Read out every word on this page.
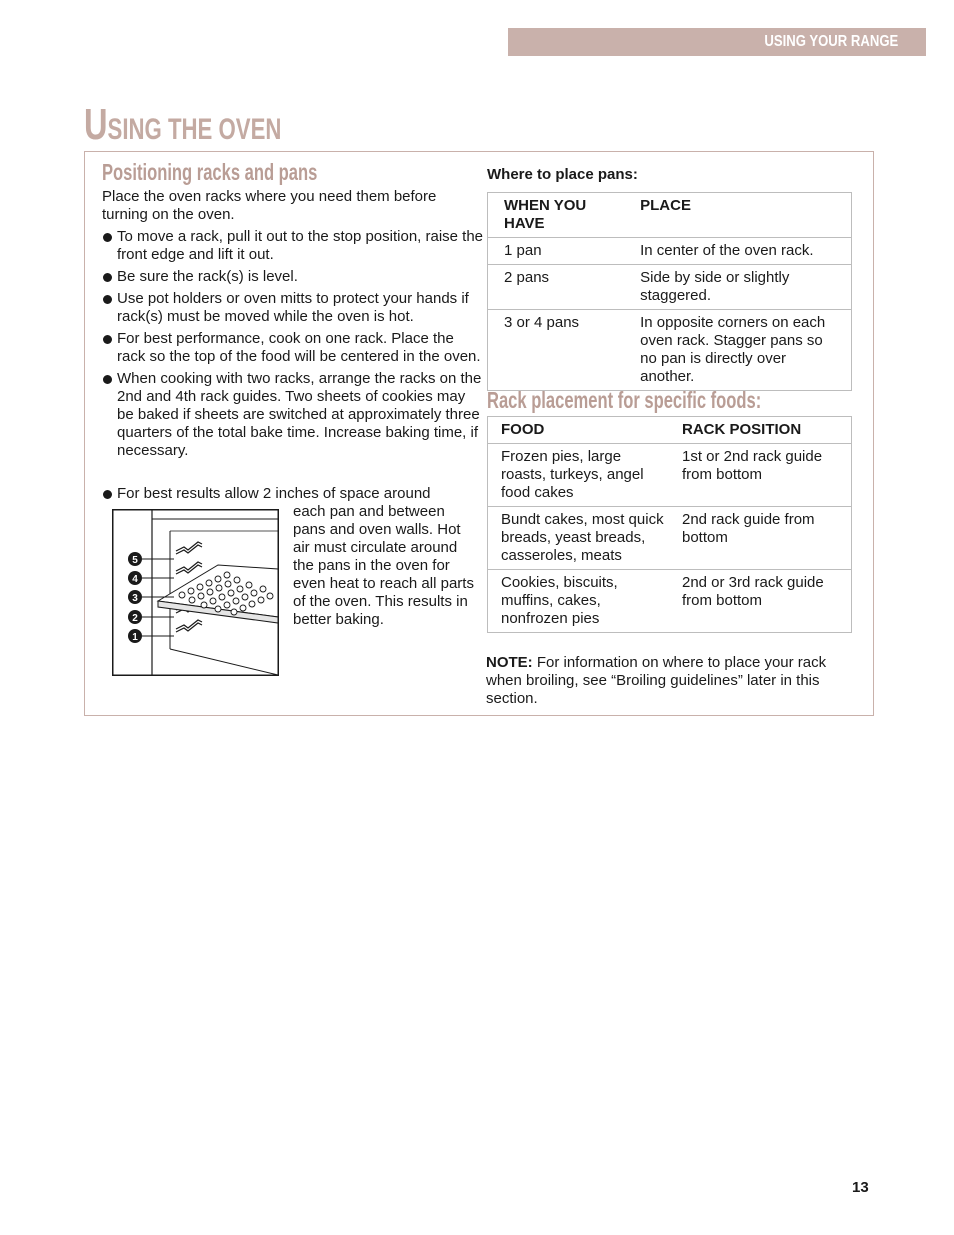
USING YOUR RANGE
USING THE OVEN
Positioning racks and pans

Place the oven racks where you need them before turning on the oven.

To move a rack, pull it out to the stop position, raise the front edge and lift it out.
Be sure the rack(s) is level.
Use pot holders or oven mitts to protect your hands if rack(s) must be moved while the oven is hot.
For best performance, cook on one rack. Place the rack so the top of the food will be centered in the oven.
When cooking with two racks, arrange the racks on the 2nd and 4th rack guides. Two sheets of cookies may be baked if sheets are switched at approximately three quarters of the total bake time. Increase baking time, if necessary.

For best results allow 2 inches of space around

each pan and between pans and oven walls. Hot air must circulate around the pans in the oven for even heat to reach all parts of the oven. This results in better baking.

5
4
3
2
1

Where to place pans:

WHEN YOU HAVE	PLACE

1 pan	In center of the oven rack.

2 pans	Side by side or slightly staggered.

3 or 4 pans	In opposite corners on each oven rack. Stagger pans so no pan is directly over another.
Rack placement for specific foods:
FOOD	RACK POSITION

Frozen pies, large roasts, turkeys, angel food cakes	1st or 2nd rack guide from bottom

Bundt cakes, most quick breads, yeast breads, casseroles, meats	2nd rack guide from bottom

Cookies, biscuits, muffins, cakes, nonfrozen pies	2nd or 3rd rack guide from bottom

NOTE: For information on where to place your rack when broiling, see “Broiling guidelines” later in this section.

13
